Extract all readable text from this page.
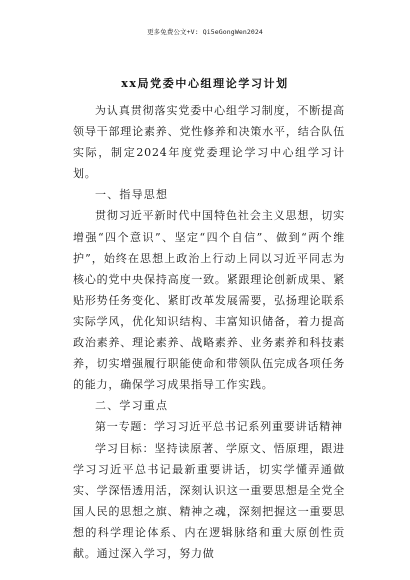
更多免费公文+V: Qi5eGongWen2024
xx局党委中心组理论学习计划

为认真贯彻落实党委中心组学习制度，不断提高领导干部理论素养、党性修养和决策水平，结合队伍实际，制定2024年度党委理论学习中心组学习计划。

一、指导思想

贯彻习近平新时代中国特色社会主义思想，切实增强“四个意识”、坚定“四个自信”、做到“两个维护”，始终在思想上政治上行动上同以习近平同志为核心的党中央保持高度一致。紧跟理论创新成果、紧贴形势任务变化、紧盯改革发展需要，弘扬理论联系实际学风，优化知识结构、丰富知识储备，着力提高政治素养、理论素养、战略素养、业务素养和科技素养，切实增强履行职能使命和带领队伍完成各项任务的能力，确保学习成果指导工作实践。

二、学习重点

第一专题：学习习近平总书记系列重要讲话精神

学习目标：坚持读原著、学原文、悟原理，跟进学习习近平总书记最新重要讲话，切实学懂弄通做实、学深悟透用活，深刻认识这一重要思想是全党全国人民的思想之旗、精神之魂，深刻把握这一重要思想的科学理论体系、内在逻辑脉络和重大原创性贡献。通过深入学习，努力做
